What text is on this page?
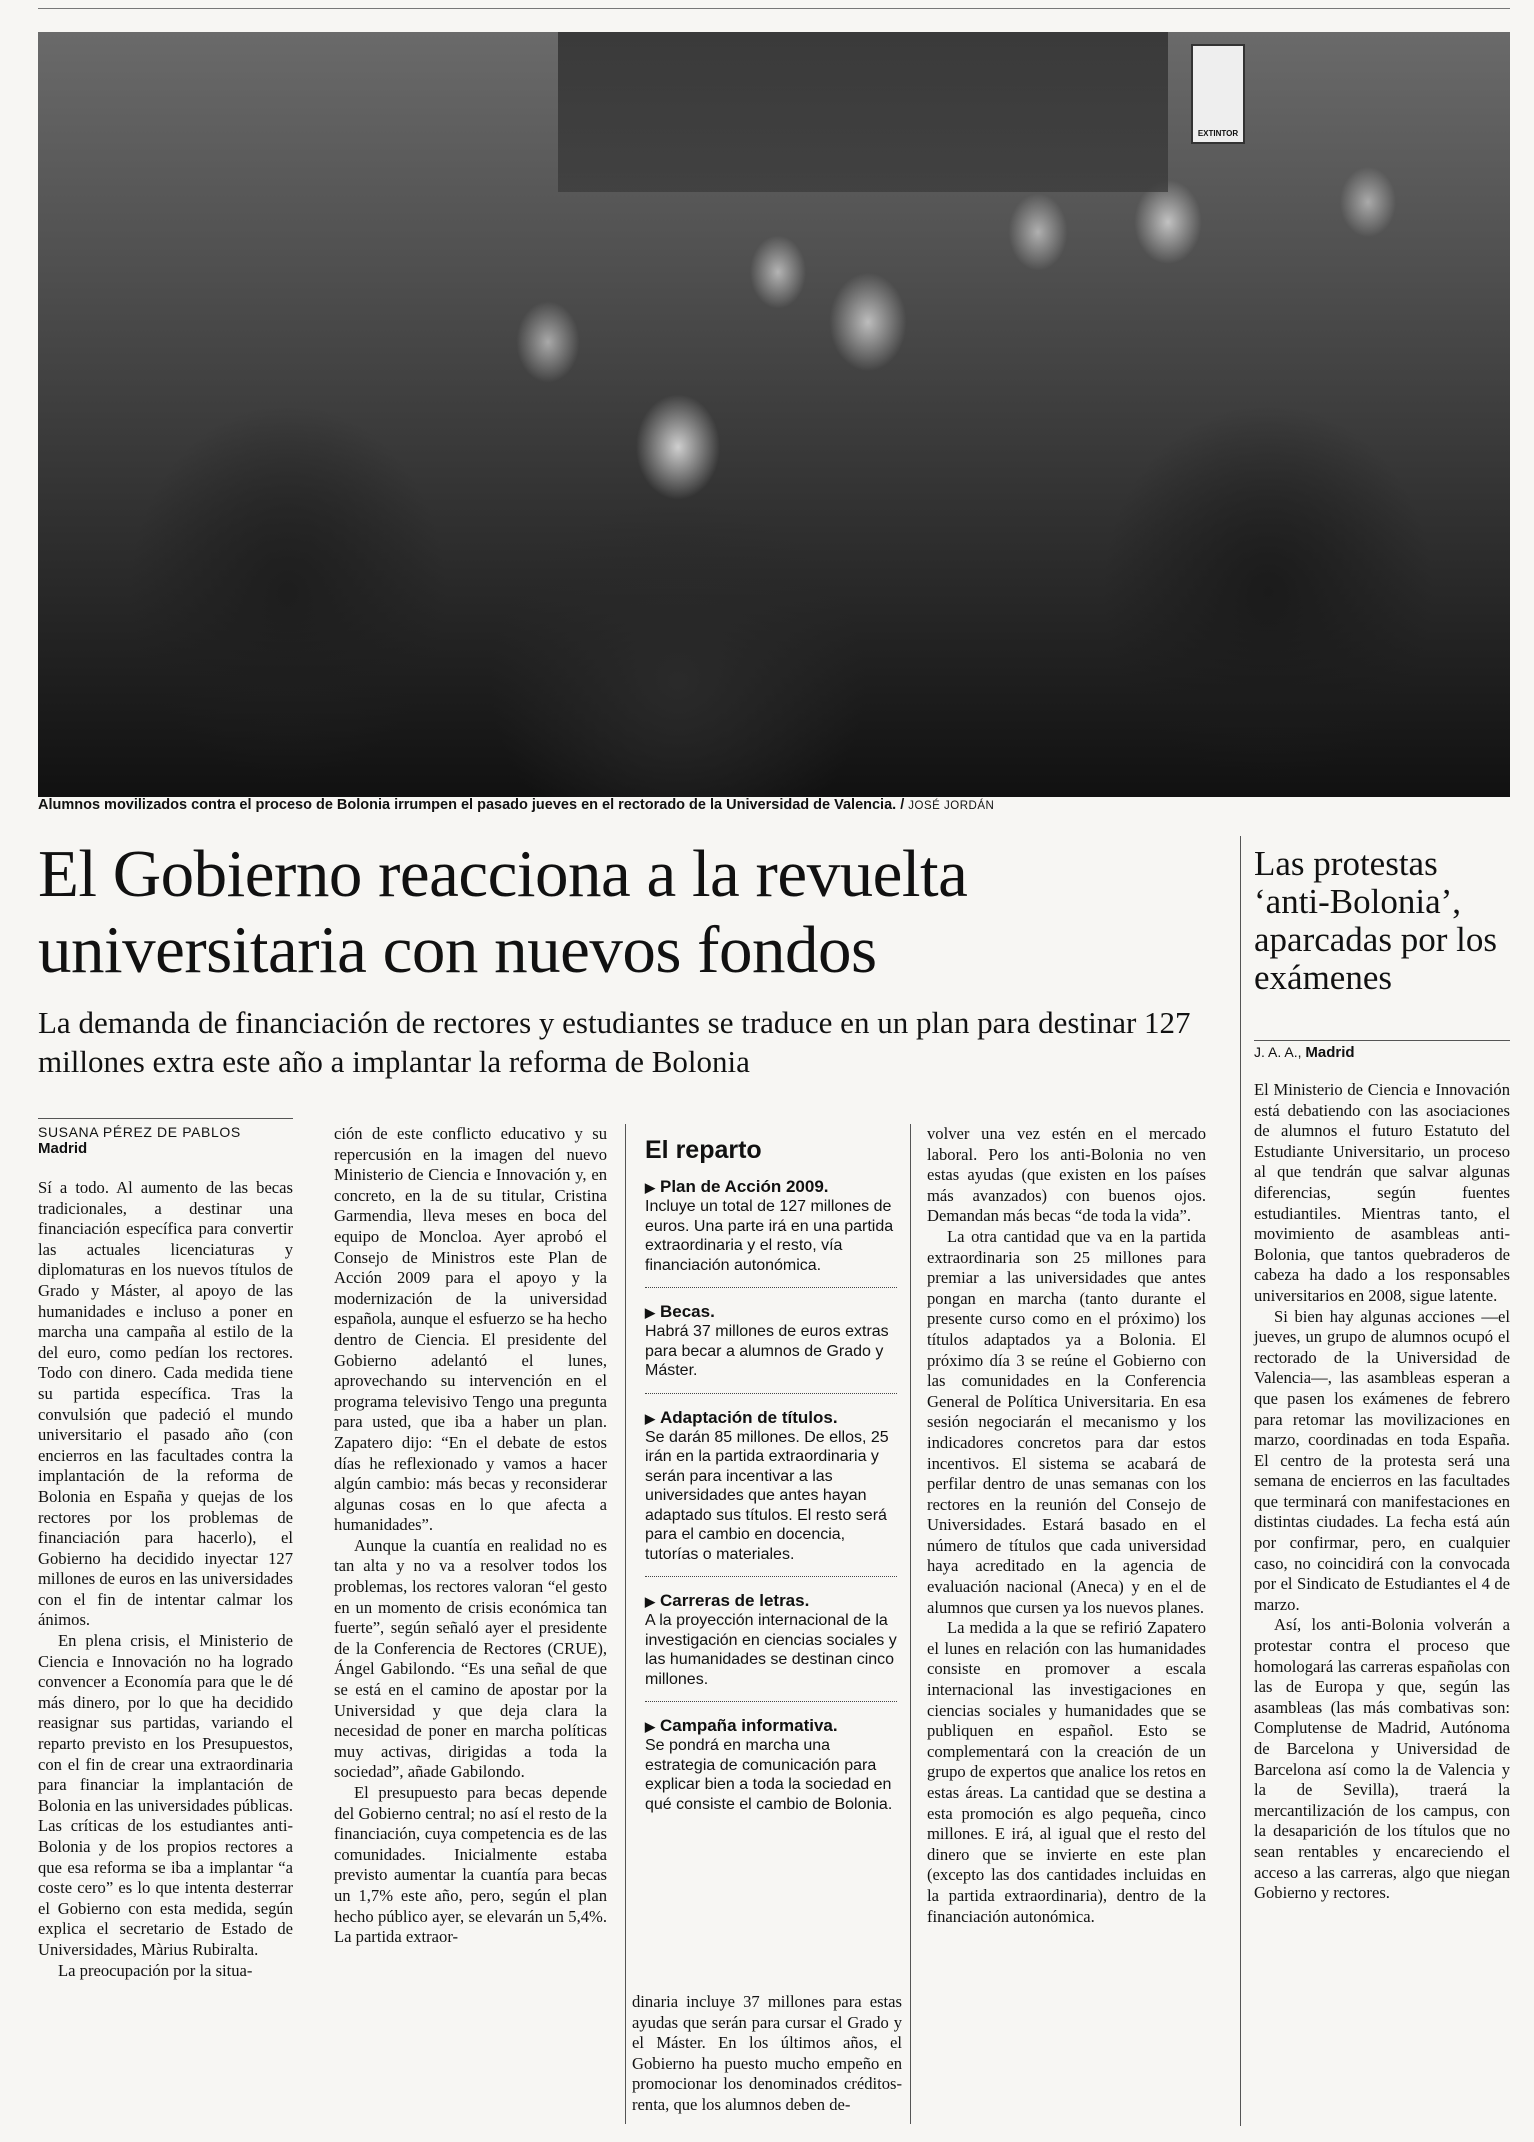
EXTINTOR
Alumnos movilizados contra el proceso de Bolonia irrumpen el pasado jueves en el rectorado de la Universidad de Valencia. / JOSÉ JORDÁN
El Gobierno reacciona a la revuelta universitaria con nuevos fondos
La demanda de financiación de rectores y estudiantes se traduce en un plan para destinar 127 millones extra este año a implantar la reforma de Bolonia
Las protestas ‘anti-Bolonia’, aparcadas por los exámenes
SUSANA PÉREZ DE PABLOS
Madrid
J. A. A., Madrid

Sí a todo. Al aumento de las becas tradicionales, a destinar una financiación específica para convertir las actuales licenciaturas y diplomaturas en los nuevos títulos de Grado y Máster, al apoyo de las humanidades e incluso a poner en marcha una campaña al estilo de la del euro, como pedían los rectores. Todo con dinero. Cada medida tiene su partida específica. Tras la convulsión que padeció el mundo universitario el pasado año (con encierros en las facultades contra la implantación de la reforma de Bolonia en España y quejas de los rectores por los problemas de financiación para hacerlo), el Gobierno ha decidido inyectar 127 millones de euros en las universidades con el fin de intentar calmar los ánimos.

En plena crisis, el Ministerio de Ciencia e Innovación no ha logrado convencer a Economía para que le dé más dinero, por lo que ha decidido reasignar sus partidas, variando el reparto previsto en los Presupuestos, con el fin de crear una extraordinaria para financiar la implantación de Bolonia en las universidades públicas. Las críticas de los estudiantes anti-Bolonia y de los propios rectores a que esa reforma se iba a implantar “a coste cero” es lo que intenta desterrar el Gobierno con esta medida, según explica el secretario de Estado de Universidades, Màrius Rubiralta.

La preocupación por la situa-

ción de este conflicto educativo y su repercusión en la imagen del nuevo Ministerio de Ciencia e Innovación y, en concreto, en la de su titular, Cristina Garmendia, lleva meses en boca del equipo de Moncloa. Ayer aprobó el Consejo de Ministros este Plan de Acción 2009 para el apoyo y la modernización de la universidad española, aunque el esfuerzo se ha hecho dentro de Ciencia. El presidente del Gobierno adelantó el lunes, aprovechando su intervención en el programa televisivo Tengo una pregunta para usted, que iba a haber un plan. Zapatero dijo: “En el debate de estos días he reflexionado y vamos a hacer algún cambio: más becas y reconsiderar algunas cosas en lo que afecta a humanidades”.

Aunque la cuantía en realidad no es tan alta y no va a resolver todos los problemas, los rectores valoran “el gesto en un momento de crisis económica tan fuerte”, según señaló ayer el presidente de la Conferencia de Rectores (CRUE), Ángel Gabilondo. “Es una señal de que se está en el camino de apostar por la Universidad y que deja clara la necesidad de poner en marcha políticas muy activas, dirigidas a toda la sociedad”, añade Gabilondo.

El presupuesto para becas depende del Gobierno central; no así el resto de la financiación, cuya competencia es de las comunidades. Inicialmente estaba previsto aumentar la cuantía para becas un 1,7% este año, pero, según el plan hecho público ayer, se elevarán un 5,4%. La partida extraor-

El reparto
▶ Plan de Acción 2009.
Incluye un total de 127 millones de euros. Una parte irá en una partida extraordinaria y el resto, vía financiación autonómica.
▶ Becas.
Habrá 37 millones de euros extras para becar a alumnos de Grado y Máster.
▶ Adaptación de títulos.
Se darán 85 millones. De ellos, 25 irán en la partida extraordinaria y serán para incentivar a las universidades que antes hayan adaptado sus títulos. El resto será para el cambio en docencia, tutorías o materiales.
▶ Carreras de letras.
A la proyección internacional de la investigación en ciencias sociales y las humanidades se destinan cinco millones.
▶ Campaña informativa.
Se pondrá en marcha una estrategia de comunicación para explicar bien a toda la sociedad en qué consiste el cambio de Bolonia.

dinaria incluye 37 millones para estas ayudas que serán para cursar el Grado y el Máster. En los últimos años, el Gobierno ha puesto mucho empeño en promocionar los denominados créditos-renta, que los alumnos deben de-

volver una vez estén en el mercado laboral. Pero los anti-Bolonia no ven estas ayudas (que existen en los países más avanzados) con buenos ojos. Demandan más becas “de toda la vida”.

La otra cantidad que va en la partida extraordinaria son 25 millones para premiar a las universidades que antes pongan en marcha (tanto durante el presente curso como en el próximo) los títulos adaptados ya a Bolonia. El próximo día 3 se reúne el Gobierno con las comunidades en la Conferencia General de Política Universitaria. En esa sesión negociarán el mecanismo y los indicadores concretos para dar estos incentivos. El sistema se acabará de perfilar dentro de unas semanas con los rectores en la reunión del Consejo de Universidades. Estará basado en el número de títulos que cada universidad haya acreditado en la agencia de evaluación nacional (Aneca) y en el de alumnos que cursen ya los nuevos planes.

La medida a la que se refirió Zapatero el lunes en relación con las humanidades consiste en promover a escala internacional las investigaciones en ciencias sociales y humanidades que se publiquen en español. Esto se complementará con la creación de un grupo de expertos que analice los retos en estas áreas. La cantidad que se destina a esta promoción es algo pequeña, cinco millones. E irá, al igual que el resto del dinero que se invierte en este plan (excepto las dos cantidades incluidas en la partida extraordinaria), dentro de la financiación autonómica.

El Ministerio de Ciencia e Innovación está debatiendo con las asociaciones de alumnos el futuro Estatuto del Estudiante Universitario, un proceso al que tendrán que salvar algunas diferencias, según fuentes estudiantiles. Mientras tanto, el movimiento de asambleas anti-Bolonia, que tantos quebraderos de cabeza ha dado a los responsables universitarios en 2008, sigue latente.

Si bien hay algunas acciones —el jueves, un grupo de alumnos ocupó el rectorado de la Universidad de Valencia—, las asambleas esperan a que pasen los exámenes de febrero para retomar las movilizaciones en marzo, coordinadas en toda España. El centro de la protesta será una semana de encierros en las facultades que terminará con manifestaciones en distintas ciudades. La fecha está aún por confirmar, pero, en cualquier caso, no coincidirá con la convocada por el Sindicato de Estudiantes el 4 de marzo.

Así, los anti-Bolonia volverán a protestar contra el proceso que homologará las carreras españolas con las de Europa y que, según las asambleas (las más combativas son: Complutense de Madrid, Autónoma de Barcelona y Universidad de Barcelona así como la de Valencia y la de Sevilla), traerá la mercantilización de los campus, con la desaparición de los títulos que no sean rentables y encareciendo el acceso a las carreras, algo que niegan Gobierno y rectores.
